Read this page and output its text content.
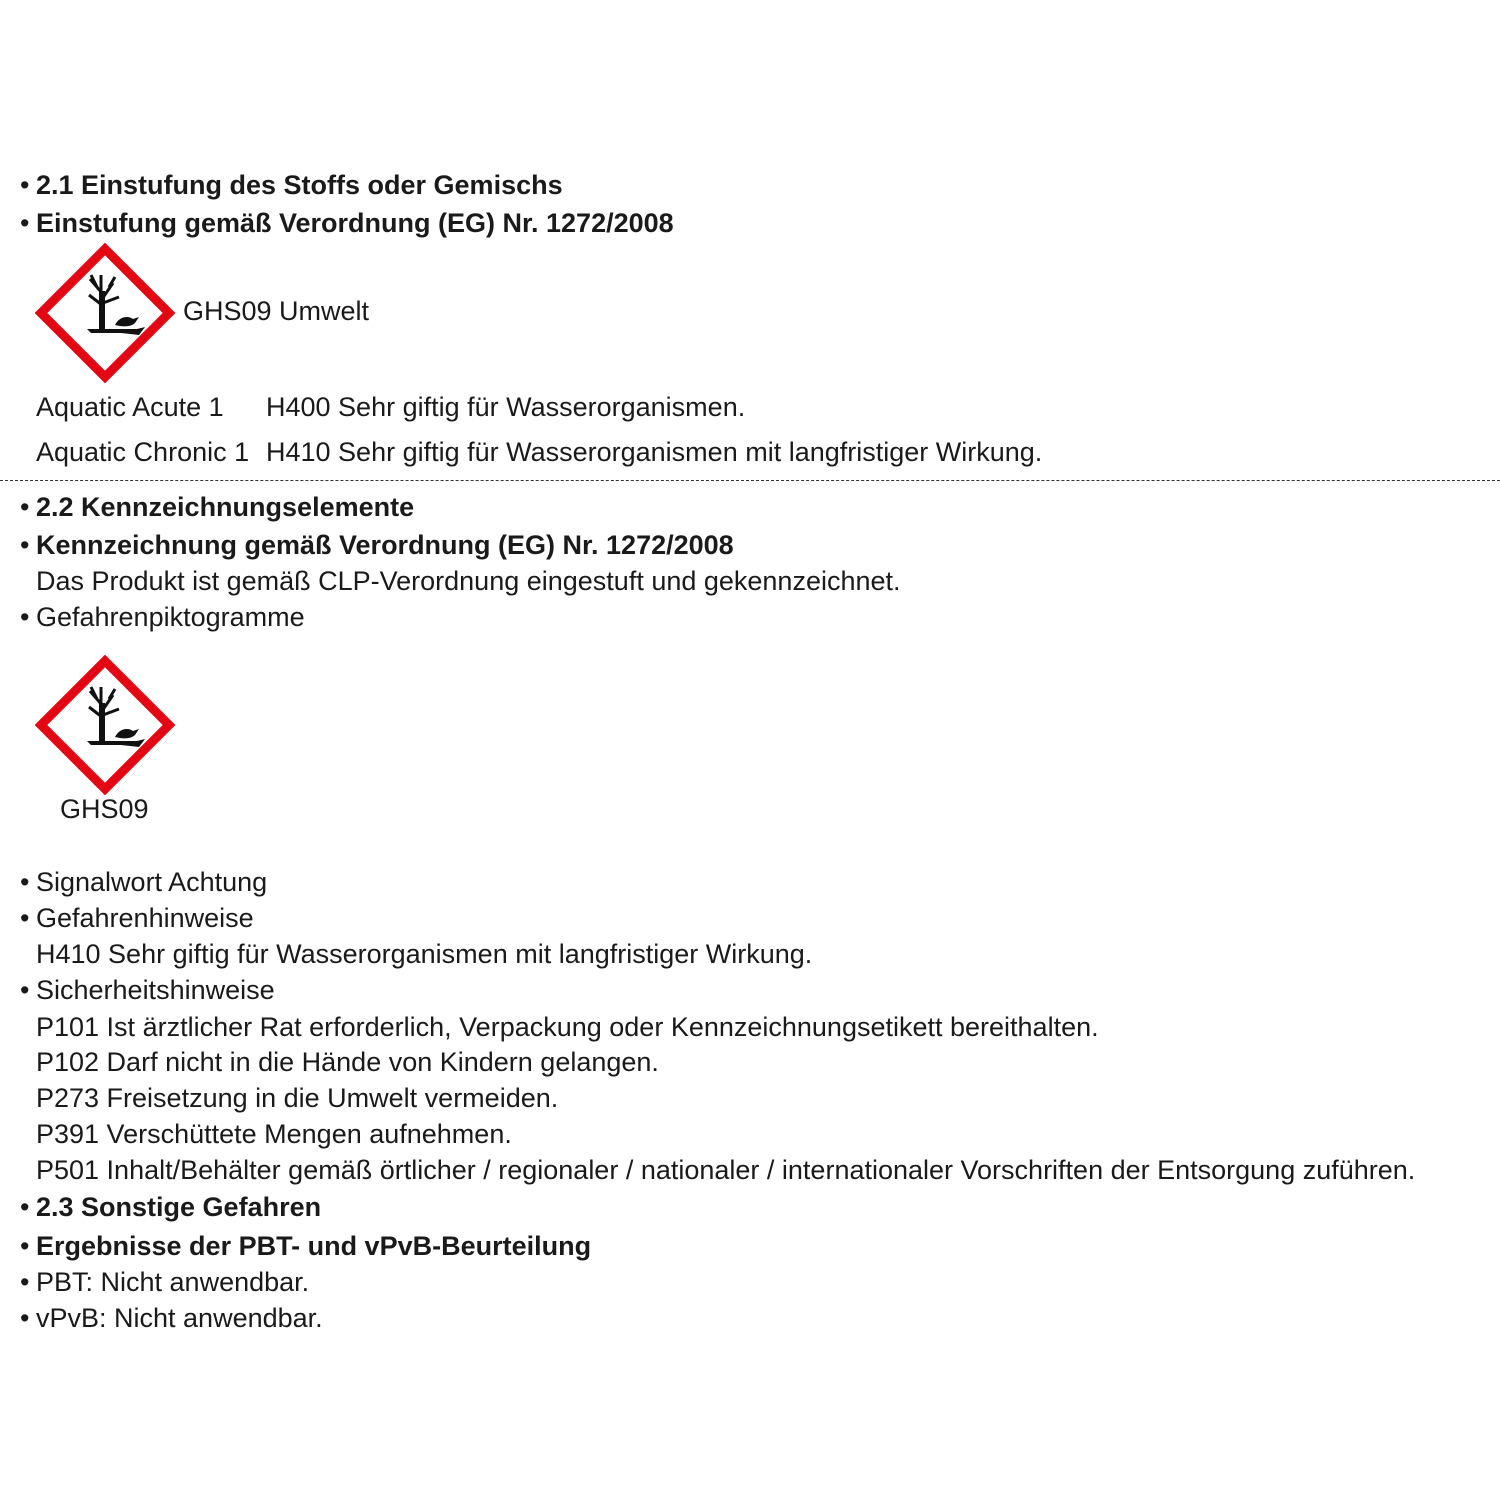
• 2.1 Einstufung des Stoffs oder Gemischs
• Einstufung gemäß Verordnung (EG) Nr. 1272/2008
GHS09 Umwelt
Aquatic Acute 1 H400 Sehr giftig für Wasserorganismen.
Aquatic Chronic 1 H410 Sehr giftig für Wasserorganismen mit langfristiger Wirkung.
• 2.2 Kennzeichnungselemente
• Kennzeichnung gemäß Verordnung (EG) Nr. 1272/2008
Das Produkt ist gemäß CLP-Verordnung eingestuft und gekennzeichnet.
• Gefahrenpiktogramme
GHS09
• Signalwort Achtung
• Gefahrenhinweise
H410 Sehr giftig für Wasserorganismen mit langfristiger Wirkung.
• Sicherheitshinweise
P101 Ist ärztlicher Rat erforderlich, Verpackung oder Kennzeichnungsetikett bereithalten.
P102 Darf nicht in die Hände von Kindern gelangen.
P273 Freisetzung in die Umwelt vermeiden.
P391 Verschüttete Mengen aufnehmen.
P501 Inhalt/Behälter gemäß örtlicher / regionaler / nationaler / internationaler Vorschriften der Entsorgung zuführen.
• 2.3 Sonstige Gefahren
• Ergebnisse der PBT- und vPvB-Beurteilung
• PBT: Nicht anwendbar.
• vPvB: Nicht anwendbar.
